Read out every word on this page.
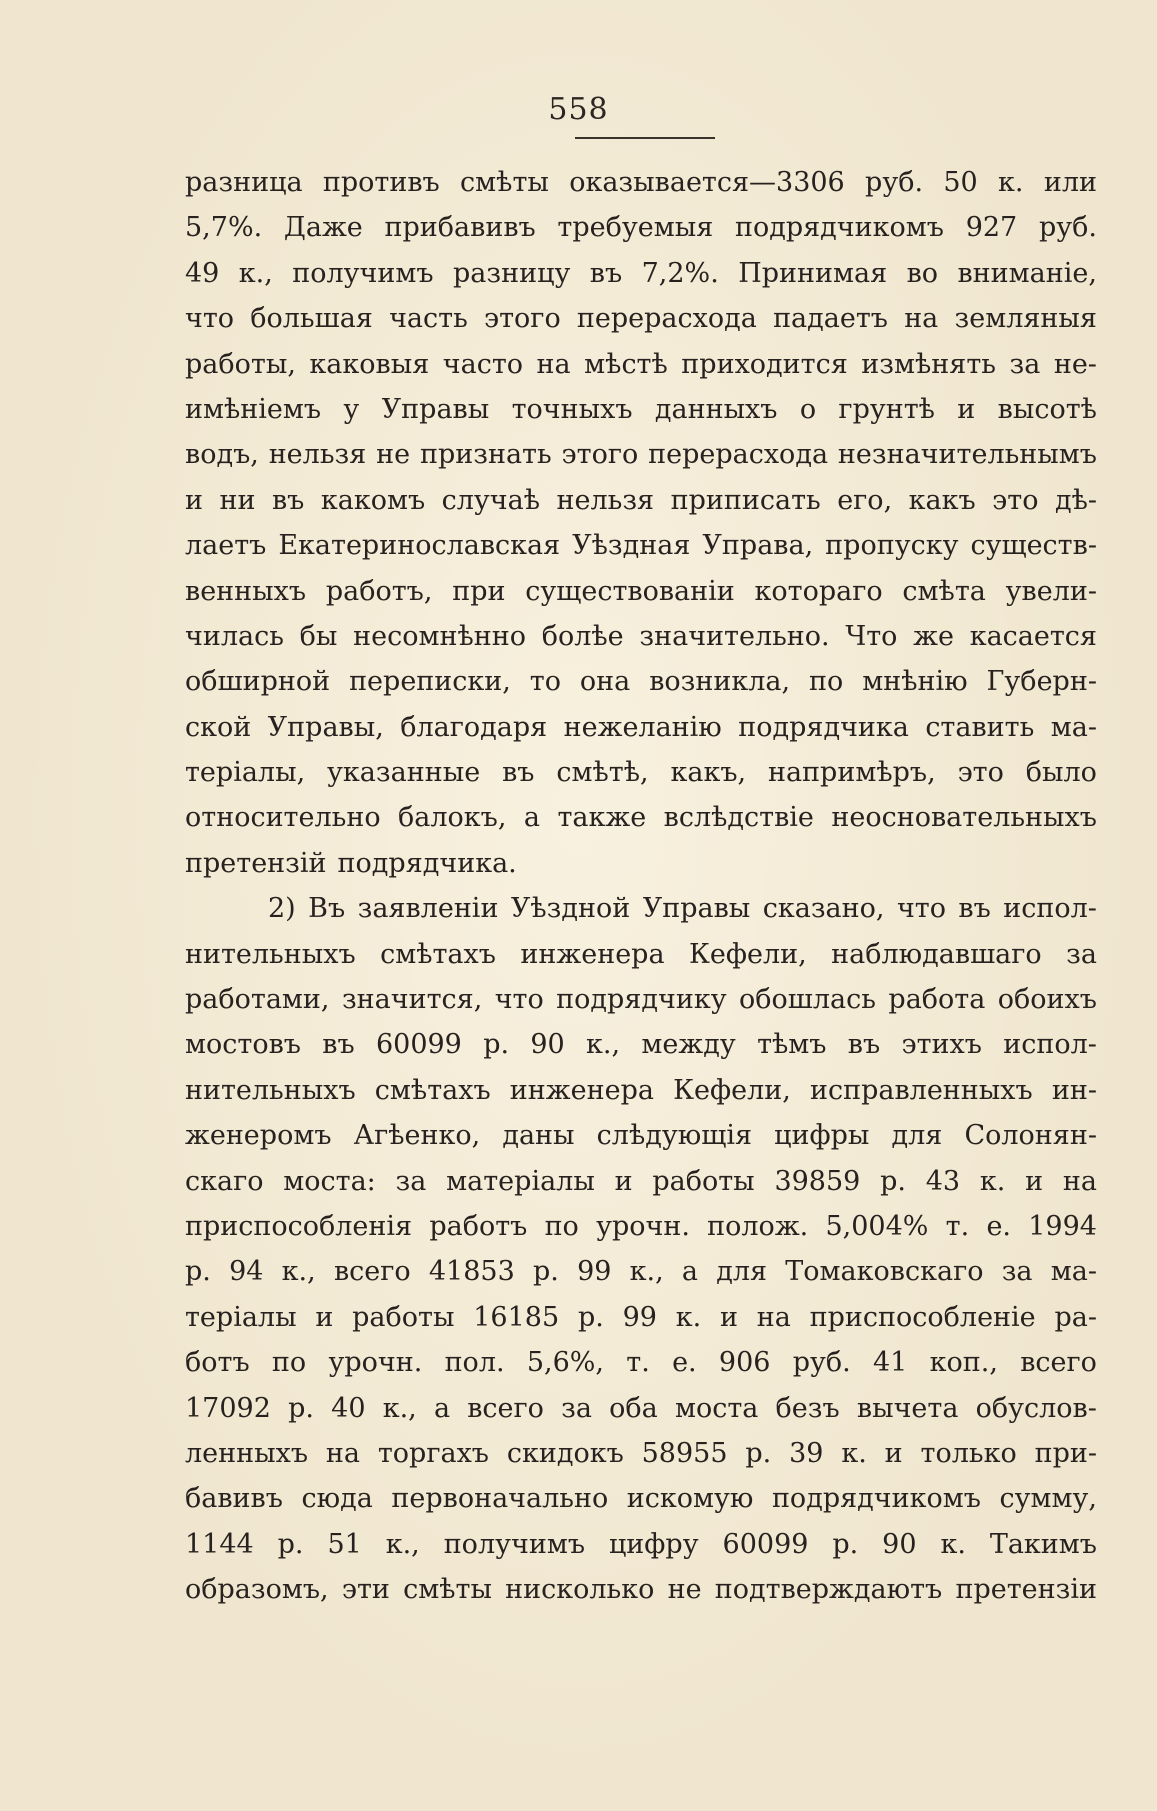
558
разница противъ смѣты оказывается—3306 руб. 50 к. или
5,7%. Даже прибавивъ требуемыя подрядчикомъ 927 руб.
49 к., получимъ разницу въ 7,2%. Принимая во вниманіе,
что большая часть этого перерасхода падаетъ на земляныя
работы, каковыя часто на мѣстѣ приходится измѣнять за не-
имѣніемъ у Управы точныхъ данныхъ о грунтѣ и высотѣ
водъ, нельзя не признать этого перерасхода незначительнымъ
и ни въ какомъ случаѣ нельзя приписать его, какъ это дѣ-
лаетъ Екатеринославская Уѣздная Управа, пропуску существ-
венныхъ работъ, при существованіи котораго смѣта увели-
чилась бы несомнѣнно болѣе значительно. Что же касается
обширной переписки, то она возникла, по мнѣнію Губерн-
ской Управы, благодаря нежеланію подрядчика ставить ма-
теріалы, указанные въ смѣтѣ, какъ, напримѣръ, это было
относительно балокъ, а также вслѣдствіе неосновательныхъ
претензій подрядчика.
2) Въ заявленіи Уѣздной Управы сказано, что въ испол-
нительныхъ смѣтахъ инженера Кефели, наблюдавшаго за
работами, значится, что подрядчику обошлась работа обоихъ
мостовъ въ 60099 р. 90 к., между тѣмъ въ этихъ испол-
нительныхъ смѣтахъ инженера Кефели, исправленныхъ ин-
женеромъ Агѣенко, даны слѣдующія цифры для Солонян-
скаго моста: за матеріалы и работы 39859 р. 43 к. и на
приспособленія работъ по урочн. полож. 5,004% т. е. 1994
р. 94 к., всего 41853 р. 99 к., а для Томаковскаго за ма-
теріалы и работы 16185 р. 99 к. и на приспособленіе ра-
ботъ по урочн. пол. 5,6%, т. е. 906 руб. 41 коп., всего
17092 р. 40 к., а всего за оба моста безъ вычета обуслов-
ленныхъ на торгахъ скидокъ 58955 р. 39 к. и только при-
бавивъ сюда первоначально искомую подрядчикомъ сумму,
1144 р. 51 к., получимъ цифру 60099 р. 90 к. Такимъ
образомъ, эти смѣты нисколько не подтверждаютъ претензіи
